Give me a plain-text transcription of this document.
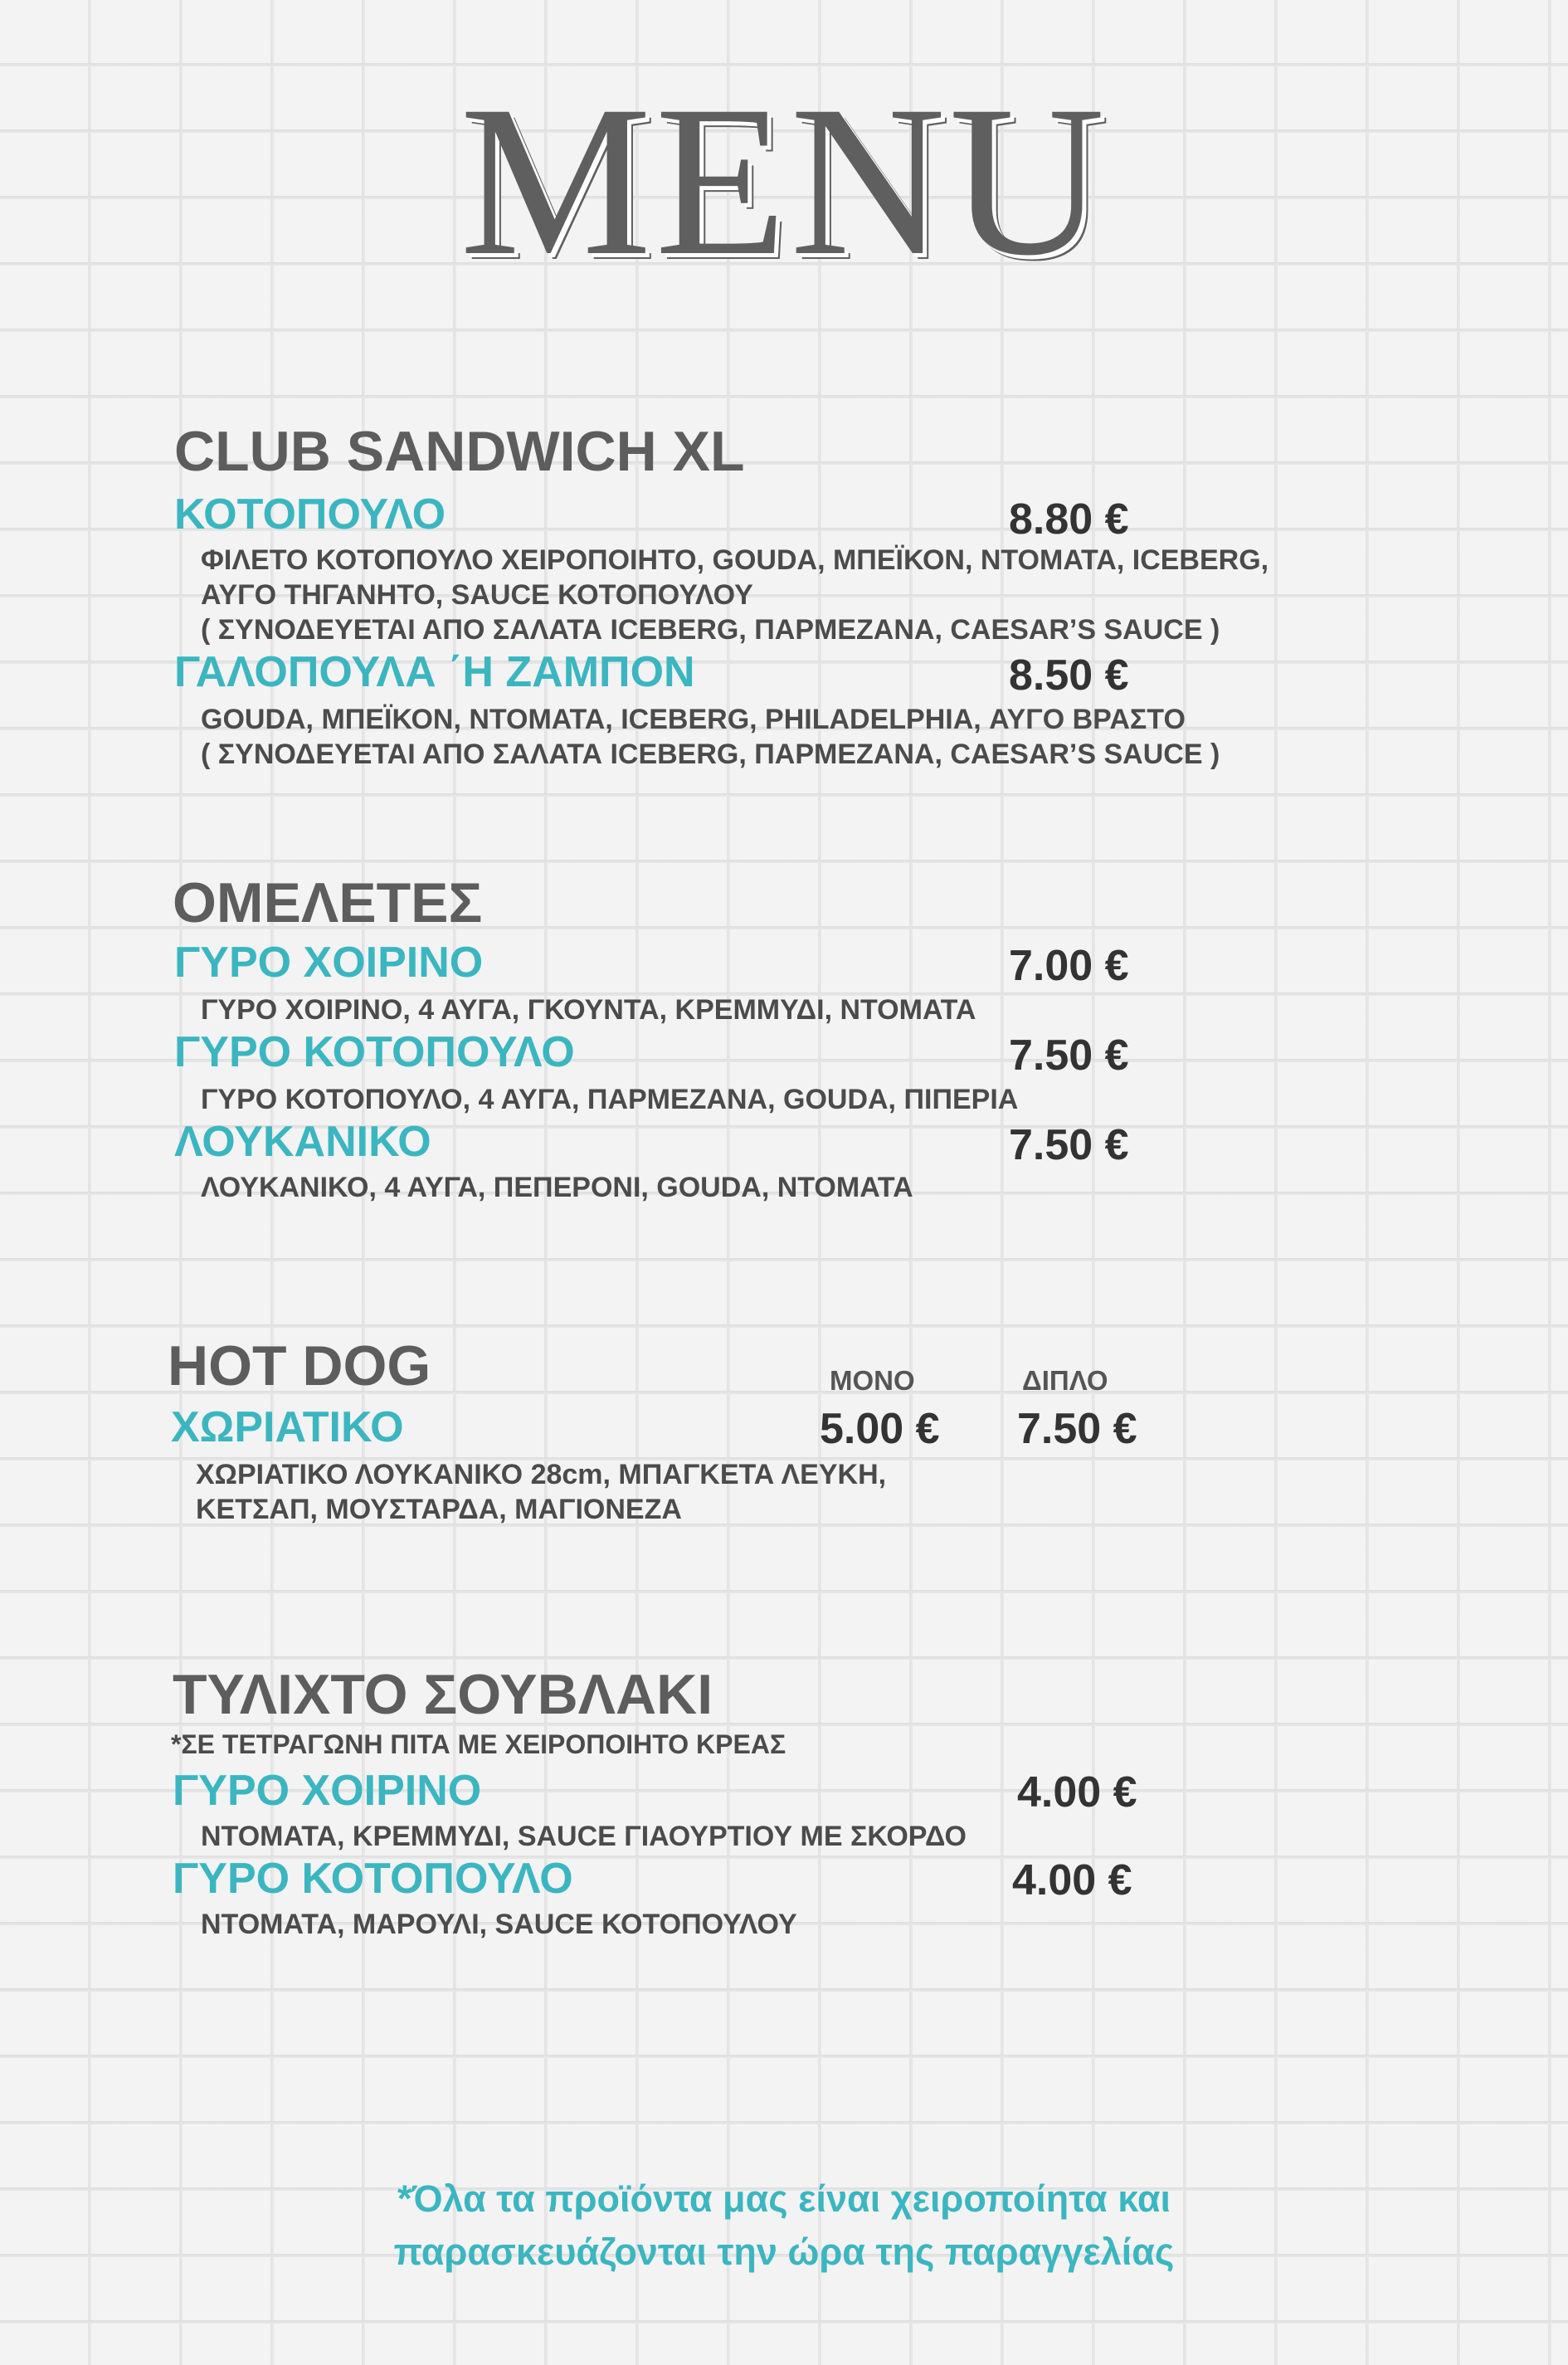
MENU
CLUB SANDWICH XL
ΚΟΤΟΠΟΥΛΟ	8.80 €
ΦΙΛΕΤΟ ΚΟΤΟΠΟΥΛΟ ΧΕΙΡΟΠΟΙΗΤΟ, GOUDA, ΜΠΕΪΚΟΝ, ΝΤΟΜΑΤΑ, ICEBERG,
ΑΥΓΟ ΤΗΓΑΝΗΤΟ, SAUCE ΚΟΤΟΠΟΥΛΟΥ
( ΣΥΝΟΔΕΥΕΤΑΙ ΑΠΟ ΣΑΛΑΤΑ ICEBERG, ΠΑΡΜΕΖΑΝΑ, CAESAR’S SAUCE )
ΓΑΛΟΠΟΥΛΑ ΄Η ΖΑΜΠΟΝ	8.50 €
GOUDA, ΜΠΕΪΚΟΝ, ΝΤΟΜΑΤΑ, ICEBERG, PHILADELPHIA, ΑΥΓΟ ΒΡΑΣΤΟ
( ΣΥΝΟΔΕΥΕΤΑΙ ΑΠΟ ΣΑΛΑΤΑ ICEBERG, ΠΑΡΜΕΖΑΝΑ, CAESAR’S SAUCE )
ΟΜΕΛΕΤΕΣ
ΓΥΡΟ ΧΟΙΡΙΝΟ	7.00 €
ΓΥΡΟ ΧΟΙΡΙΝΟ, 4 ΑΥΓΑ, ΓΚΟΥΝΤΑ, ΚΡΕΜΜΥΔΙ, ΝΤΟΜΑΤΑ
ΓΥΡΟ ΚΟΤΟΠΟΥΛΟ	7.50 €
ΓΥΡΟ ΚΟΤΟΠΟΥΛΟ, 4 ΑΥΓΑ, ΠΑΡΜΕΖΑΝΑ, GOUDA, ΠΙΠΕΡΙΑ
ΛΟΥΚΑΝΙΚΟ	7.50 €
ΛΟΥΚΑΝΙΚΟ, 4 ΑΥΓΑ, ΠΕΠΕΡΟΝΙ, GOUDA, ΝΤΟΜΑΤΑ
HOT DOG	ΜΟΝΟ	ΔΙΠΛΟ
ΧΩΡΙΑΤΙΚΟ	5.00 € 7.50 €
ΧΩΡΙΑΤΙΚΟ ΛΟΥΚΑΝΙΚΟ 28cm, ΜΠΑΓΚΕΤΑ ΛΕΥΚΗ,
ΚΕΤΣΑΠ, ΜΟΥΣΤΑΡΔΑ, ΜΑΓΙΟΝΕΖΑ
ΤΥΛΙΧΤΟ ΣΟΥΒΛΑΚΙ
*ΣΕ ΤΕΤΡΑΓΩΝΗ ΠΙΤΑ ΜΕ ΧΕΙΡΟΠΟΙΗΤΟ ΚΡΕΑΣ
ΓΥΡΟ ΧΟΙΡΙΝΟ	4.00 €
ΝΤΟΜΑΤΑ, ΚΡΕΜΜΥΔΙ, SAUCE ΓΙΑΟΥΡΤΙΟΥ ΜΕ ΣΚΟΡΔΟ
ΓΥΡΟ ΚΟΤΟΠΟΥΛΟ	4.00 €
ΝΤΟΜΑΤΑ, ΜΑΡΟΥΛΙ, SAUCE ΚΟΤΟΠΟΥΛΟΥ
*Όλα τα προϊόντα μας είναι χειροποίητα και
παρασκευάζονται την ώρα της παραγγελίας
